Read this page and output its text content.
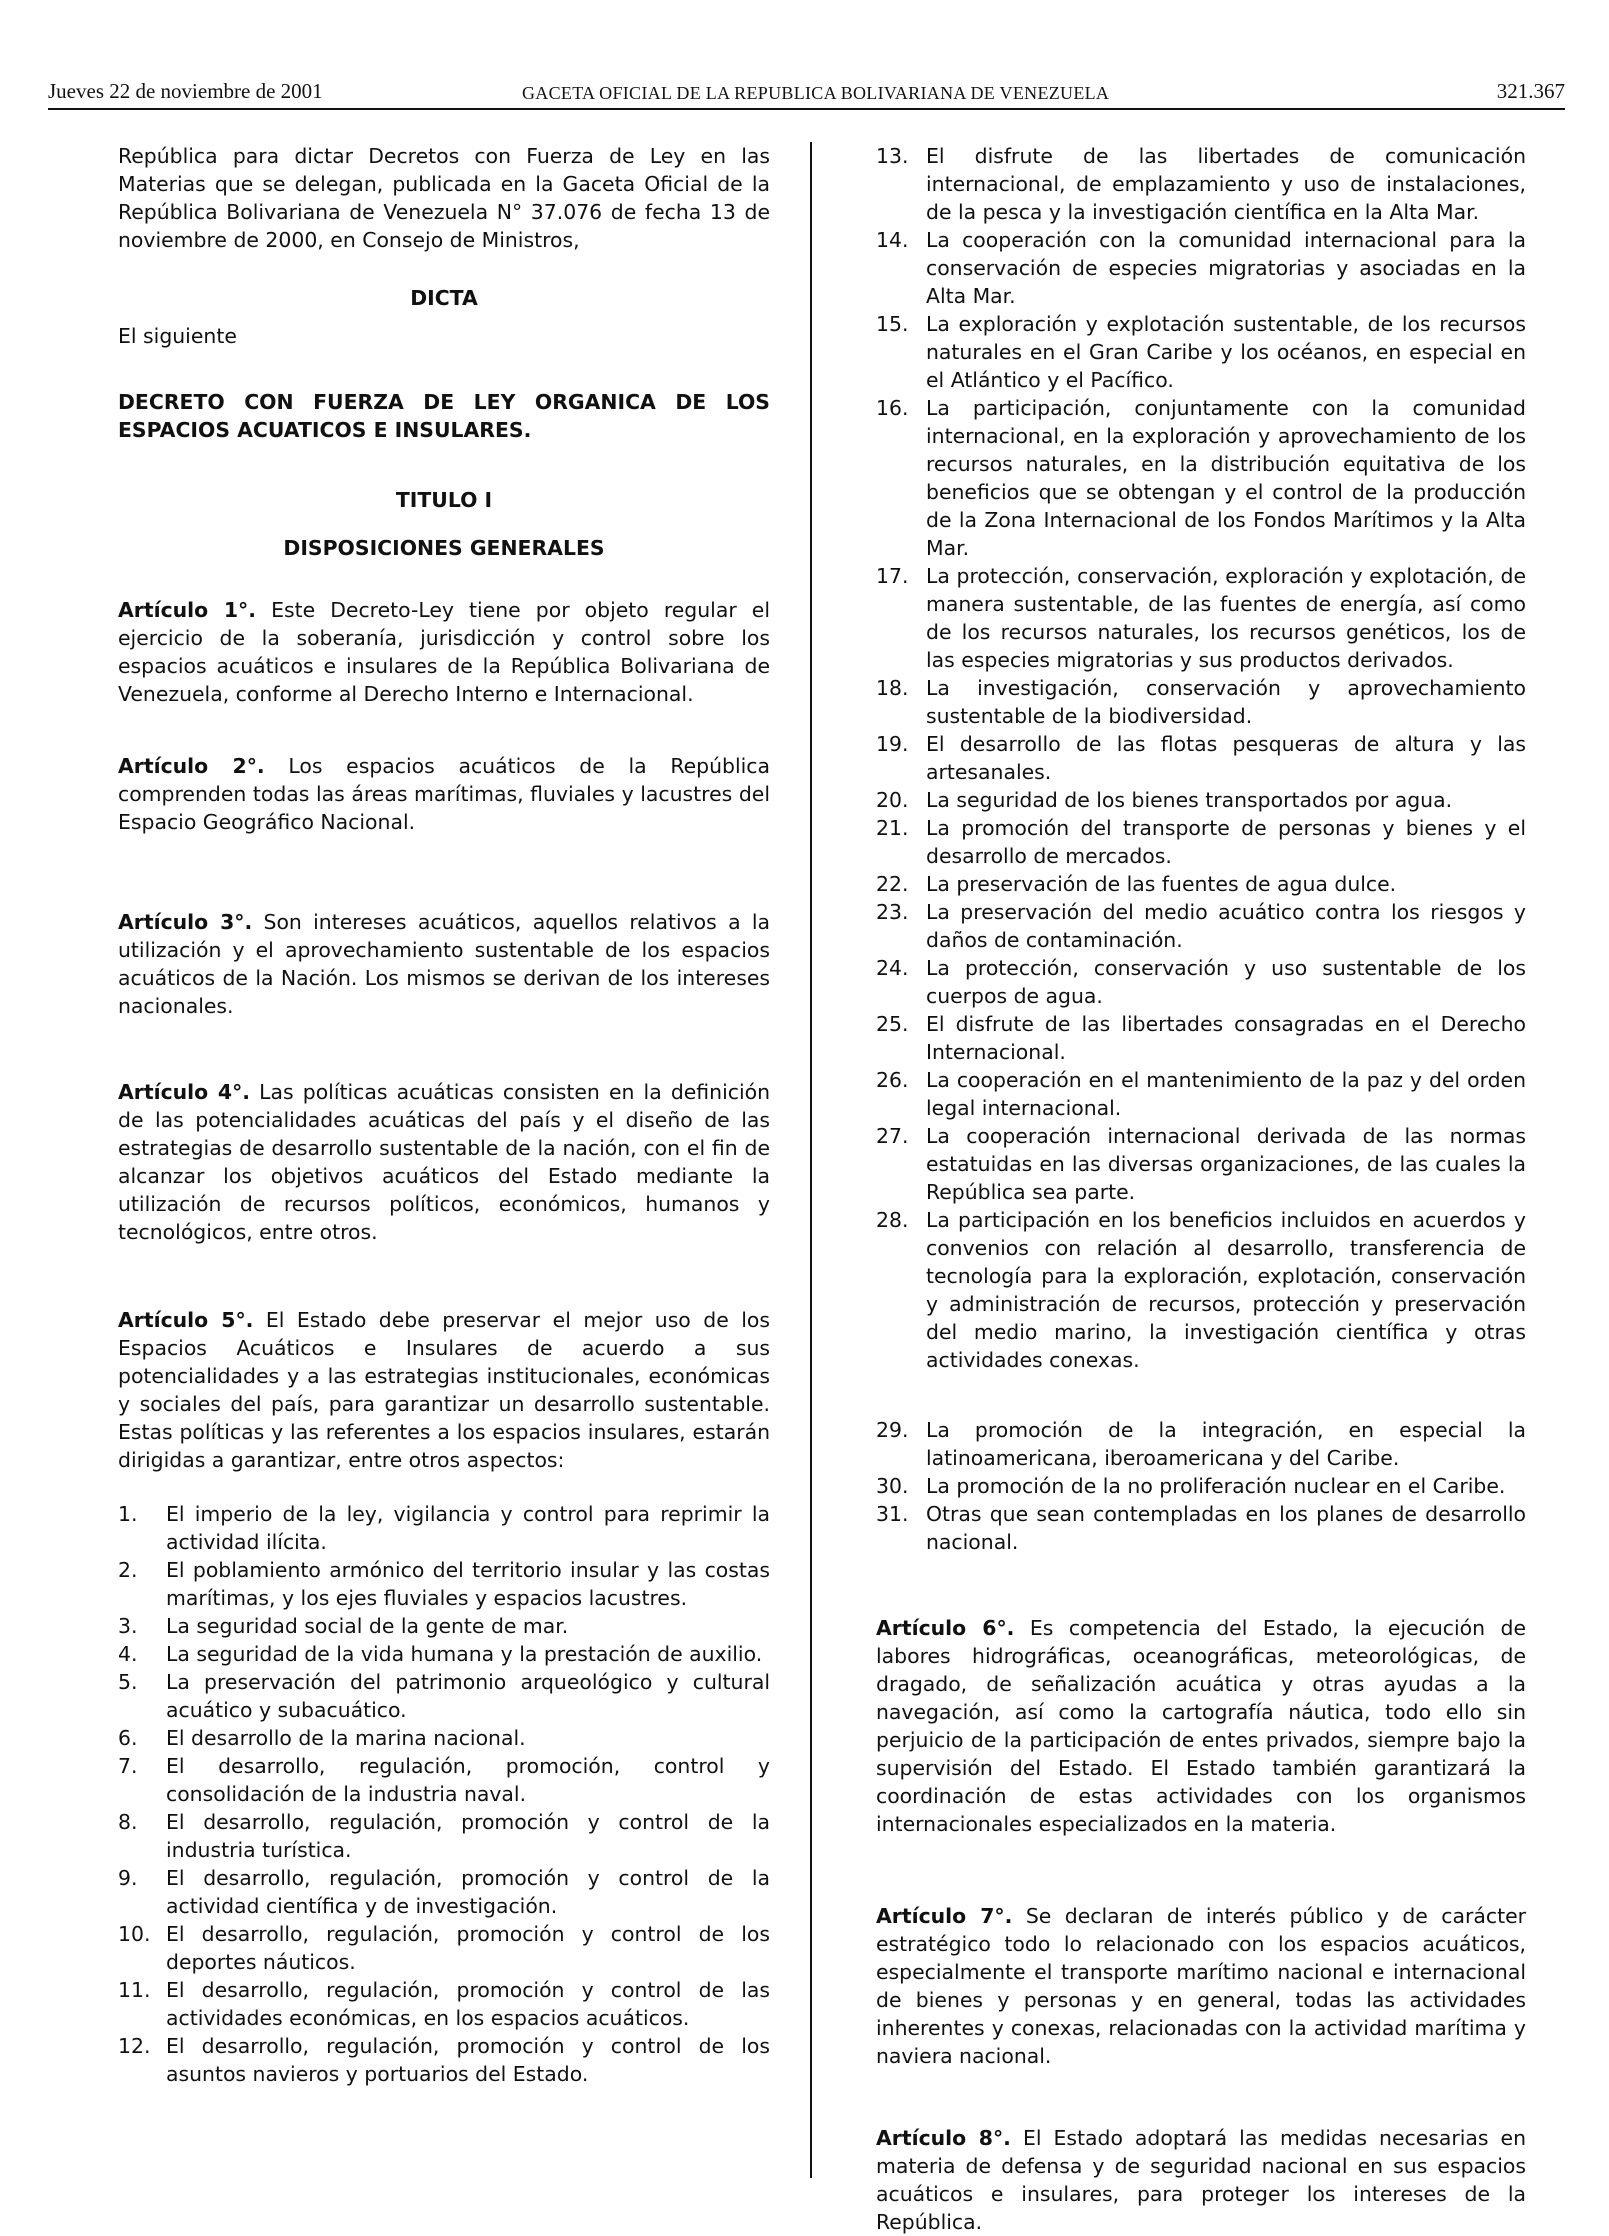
Jueves 22 de noviembre de 2001	GACETA OFICIAL DE LA REPUBLICA BOLIVARIANA DE VENEZUELA	321.367

República para dictar Decretos con Fuerza de Ley en las Materias que se delegan, publicada en la Gaceta Oficial de la República Bolivariana de Venezuela N° 37.076 de fecha 13 de noviembre de 2000, en Consejo de Ministros,

DICTA

El siguiente

DECRETO CON FUERZA DE LEY ORGANICA DE LOS ESPACIOS ACUATICOS E INSULARES.

TITULO I

DISPOSICIONES GENERALES

Artículo 1°. Este Decreto-Ley tiene por objeto regular el ejercicio de la soberanía, jurisdicción y control sobre los espacios acuáticos e insulares de la República Bolivariana de Venezuela, conforme al Derecho Interno e Internacional.

Artículo 2°. Los espacios acuáticos de la República comprenden todas las áreas marítimas, fluviales y lacustres del Espacio Geográfico Nacional.

Artículo 3°. Son intereses acuáticos, aquellos relativos a la utilización y el aprovechamiento sustentable de los espacios acuáticos de la Nación. Los mismos se derivan de los intereses nacionales.

Artículo 4°. Las políticas acuáticas consisten en la definición de las potencialidades acuáticas del país y el diseño de las estrategias de desarrollo sustentable de la nación, con el fin de alcanzar los objetivos acuáticos del Estado mediante la utilización de recursos políticos, económicos, humanos y tecnológicos, entre otros.

Artículo 5°. El Estado debe preservar el mejor uso de los Espacios Acuáticos e Insulares de acuerdo a sus potencialidades y a las estrategias institucionales, económicas y sociales del país, para garantizar un desarrollo sustentable. Estas políticas y las referentes a los espacios insulares, estarán dirigidas a garantizar, entre otros aspectos:

1. El imperio de la ley, vigilancia y control para reprimir la actividad ilícita.
2. El poblamiento armónico del territorio insular y las costas marítimas, y los ejes fluviales y espacios lacustres.
3. La seguridad social de la gente de mar.
4. La seguridad de la vida humana y la prestación de auxilio.
5. La preservación del patrimonio arqueológico y cultural acuático y subacuático.
6. El desarrollo de la marina nacional.
7. El desarrollo, regulación, promoción, control y consolidación de la industria naval.
8. El desarrollo, regulación, promoción y control de la industria turística.
9. El desarrollo, regulación, promoción y control de la actividad científica y de investigación.
10. El desarrollo, regulación, promoción y control de los deportes náuticos.
11. El desarrollo, regulación, promoción y control de las actividades económicas, en los espacios acuáticos.
12. El desarrollo, regulación, promoción y control de los asuntos navieros y portuarios del Estado.
13. El disfrute de las libertades de comunicación internacional, de emplazamiento y uso de instalaciones, de la pesca y la investigación científica en la Alta Mar.
14. La cooperación con la comunidad internacional para la conservación de especies migratorias y asociadas en la Alta Mar.
15. La exploración y explotación sustentable, de los recursos naturales en el Gran Caribe y los océanos, en especial en el Atlántico y el Pacífico.
16. La participación, conjuntamente con la comunidad internacional, en la exploración y aprovechamiento de los recursos naturales, en la distribución equitativa de los beneficios que se obtengan y el control de la producción de la Zona Internacional de los Fondos Marítimos y la Alta Mar.
17. La protección, conservación, exploración y explotación, de manera sustentable, de las fuentes de energía, así como de los recursos naturales, los recursos genéticos, los de las especies migratorias y sus productos derivados.
18. La investigación, conservación y aprovechamiento sustentable de la biodiversidad.
19. El desarrollo de las flotas pesqueras de altura y las artesanales.
20. La seguridad de los bienes transportados por agua.
21. La promoción del transporte de personas y bienes y el desarrollo de mercados.
22. La preservación de las fuentes de agua dulce.
23. La preservación del medio acuático contra los riesgos y daños de contaminación.
24. La protección, conservación y uso sustentable de los cuerpos de agua.
25. El disfrute de las libertades consagradas en el Derecho Internacional.
26. La cooperación en el mantenimiento de la paz y del orden legal internacional.
27. La cooperación internacional derivada de las normas estatuidas en las diversas organizaciones, de las cuales la República sea parte.
28. La participación en los beneficios incluidos en acuerdos y convenios con relación al desarrollo, transferencia de tecnología para la exploración, explotación, conservación y administración de recursos, protección y preservación del medio marino, la investigación científica y otras actividades conexas.
29. La promoción de la integración, en especial la latinoamericana, iberoamericana y del Caribe.
30. La promoción de la no proliferación nuclear en el Caribe.
31. Otras que sean contempladas en los planes de desarrollo nacional.

Artículo 6°. Es competencia del Estado, la ejecución de labores hidrográficas, oceanográficas, meteorológicas, de dragado, de señalización acuática y otras ayudas a la navegación, así como la cartografía náutica, todo ello sin perjuicio de la participación de entes privados, siempre bajo la supervisión del Estado. El Estado también garantizará la coordinación de estas actividades con los organismos internacionales especializados en la materia.

Artículo 7°. Se declaran de interés público y de carácter estratégico todo lo relacionado con los espacios acuáticos, especialmente el transporte marítimo nacional e internacional de bienes y personas y en general, todas las actividades inherentes y conexas, relacionadas con la actividad marítima y naviera nacional.

Artículo 8°. El Estado adoptará las medidas necesarias en materia de defensa y de seguridad nacional en sus espacios acuáticos e insulares, para proteger los intereses de la República.
